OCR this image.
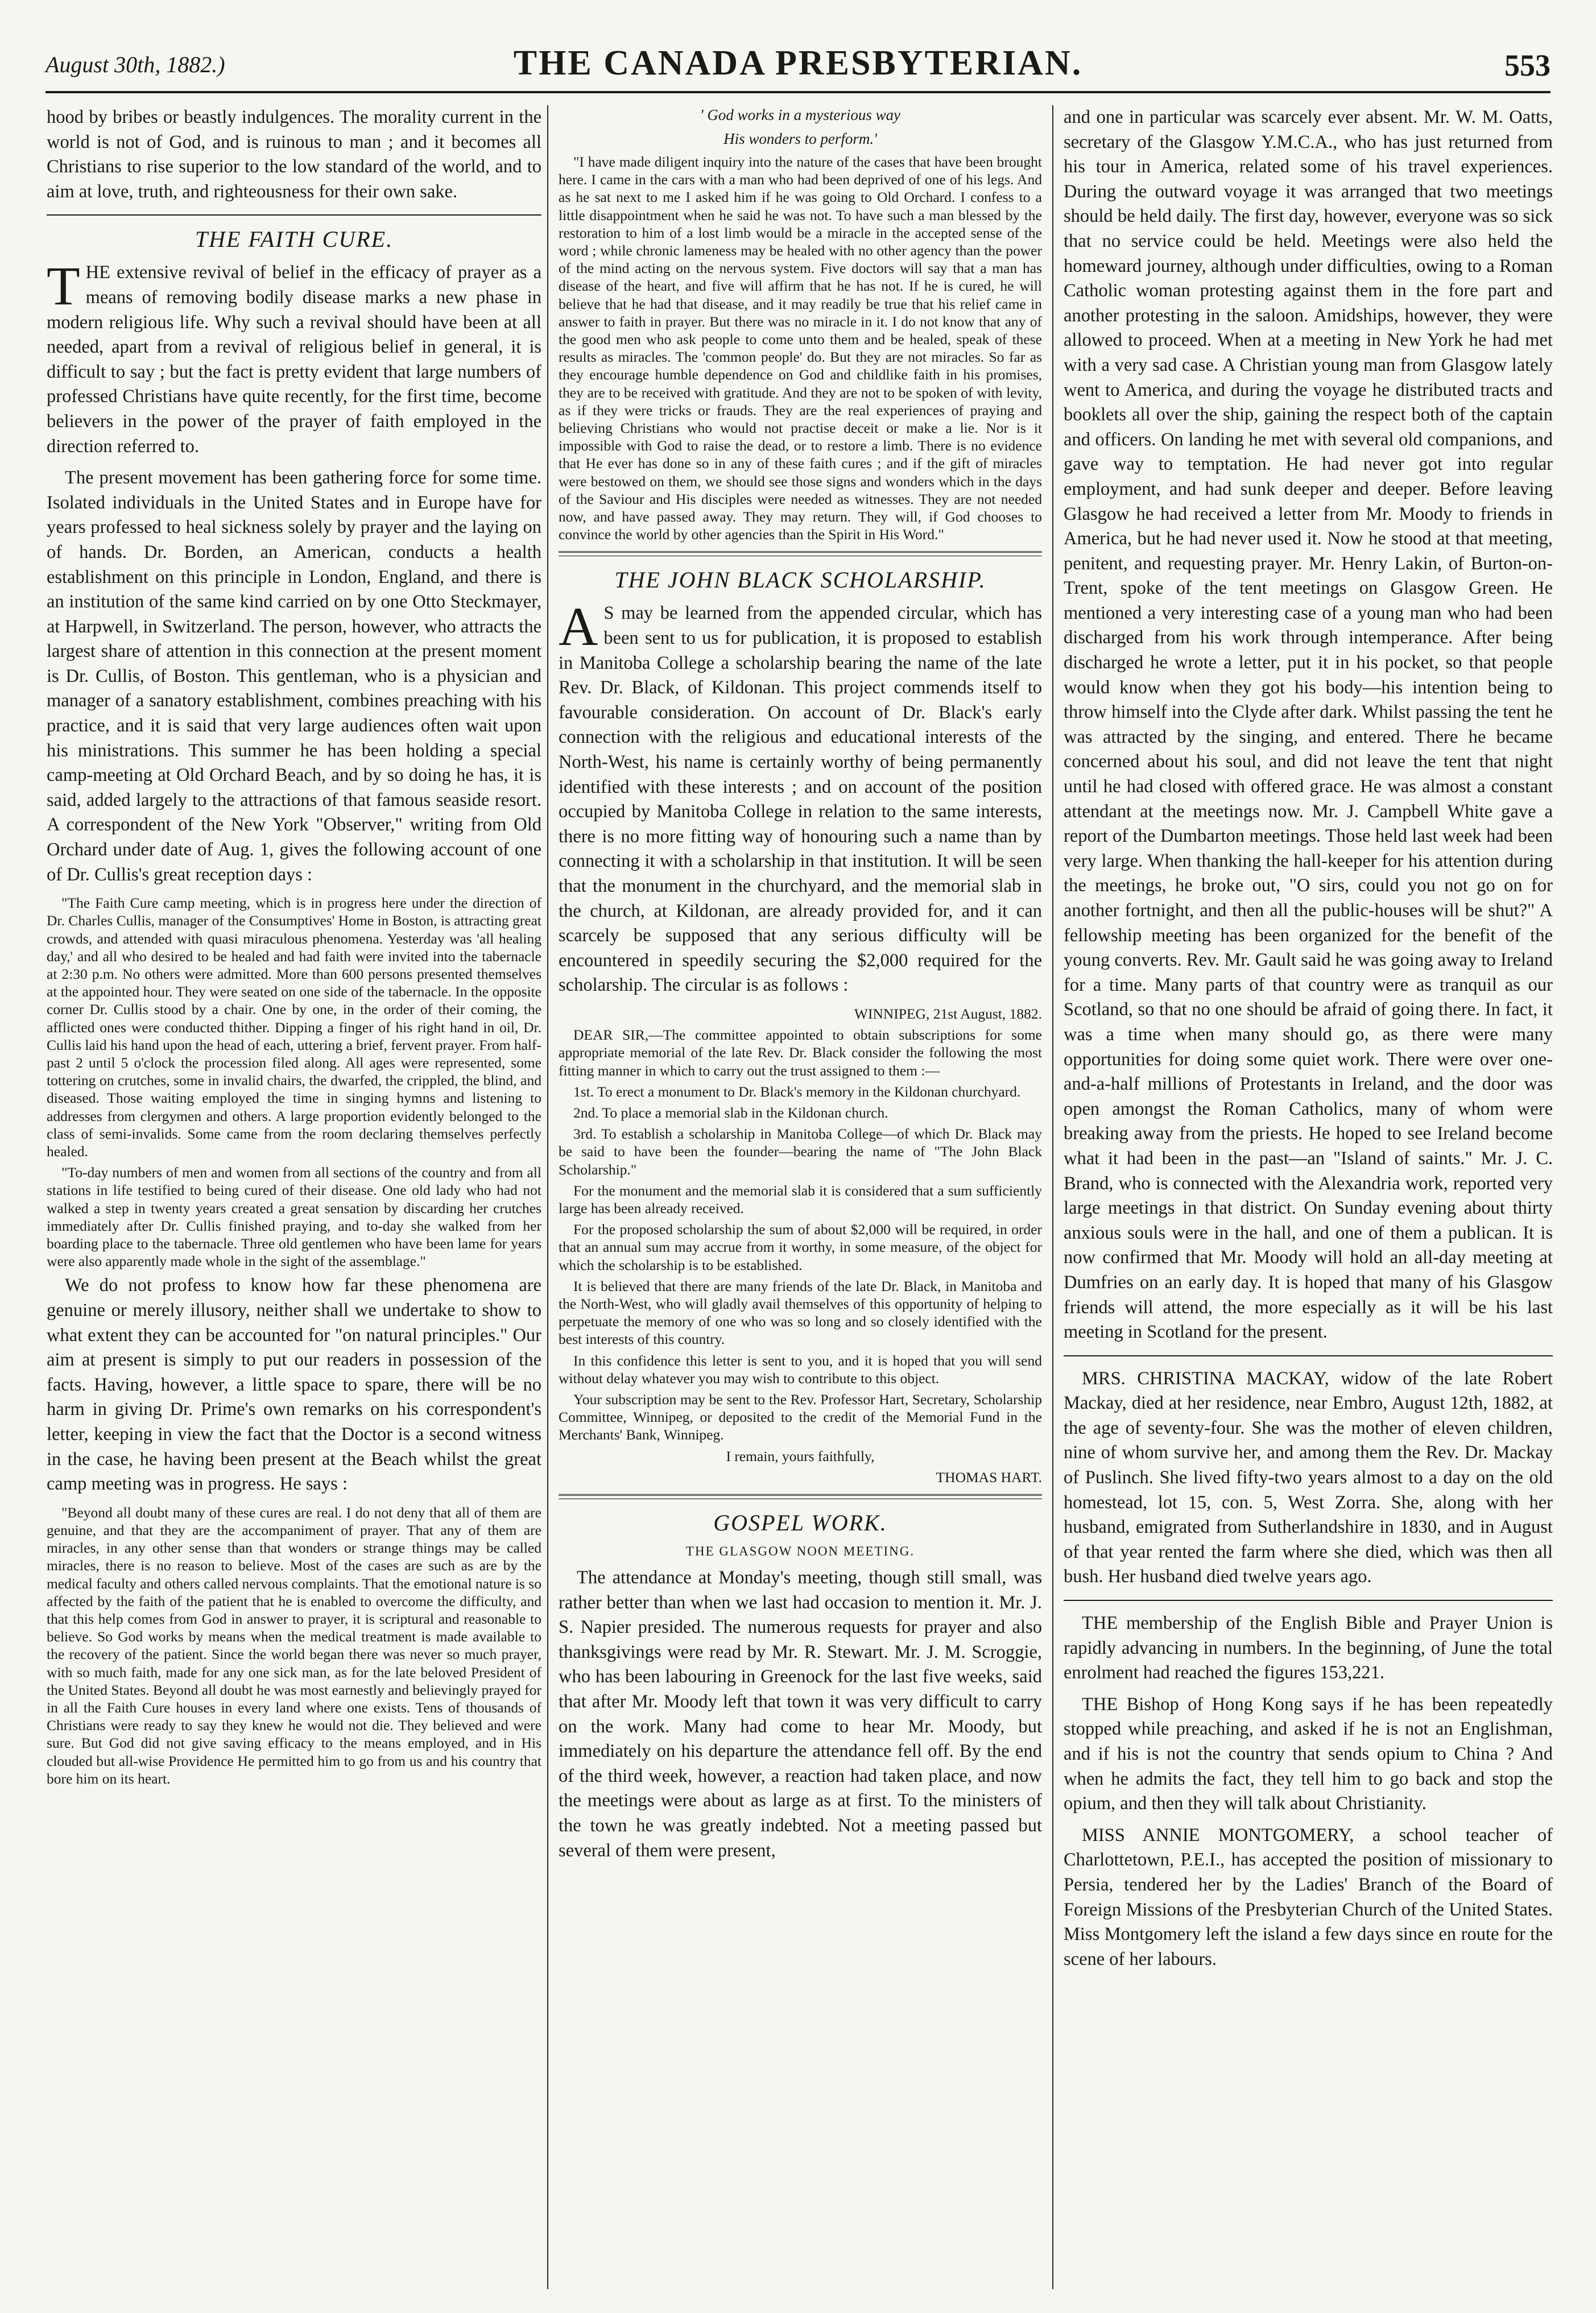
August 30th, 1882.)	THE CANADA PRESBYTERIAN.	553

hood by bribes or beastly indulgences. The morality current in the world is not of God, and is ruinous to man ; and it becomes all Christians to rise superior to the low standard of the world, and to aim at love, truth, and righteousness for their own sake.

THE FAITH CURE.

THE extensive revival of belief in the efficacy of prayer as a means of removing bodily disease marks a new phase in modern religious life. Why such a revival should have been at all needed, apart from a revival of religious belief in general, it is difficult to say ; but the fact is pretty evident that large numbers of professed Christians have quite recently, for the first time, become believers in the power of the prayer of faith employed in the direction referred to.

The present movement has been gathering force for some time. Isolated individuals in the United States and in Europe have for years professed to heal sickness solely by prayer and the laying on of hands. Dr. Borden, an American, conducts a health establishment on this principle in London, England, and there is an institution of the same kind carried on by one Otto Steckmayer, at Harpwell, in Switzerland. The person, however, who attracts the largest share of attention in this connection at the present moment is Dr. Cullis, of Boston. This gentleman, who is a physician and manager of a sanatory establishment, combines preaching with his practice, and it is said that very large audiences often wait upon his ministrations. This summer he has been holding a special camp-meeting at Old Orchard Beach, and by so doing he has, it is said, added largely to the attractions of that famous seaside resort. A correspondent of the New York "Observer," writing from Old Orchard under date of Aug. 1, gives the following account of one of Dr. Cullis's great reception days :

"The Faith Cure camp meeting, which is in progress here under the direction of Dr. Charles Cullis, manager of the Consumptives' Home in Boston, is attracting great crowds, and attended with quasi miraculous phenomena. Yesterday was 'all healing day,' and all who desired to be healed and had faith were invited into the tabernacle at 2:30 p.m. No others were admitted. More than 600 persons presented themselves at the appointed hour. They were seated on one side of the tabernacle. In the opposite corner Dr. Cullis stood by a chair. One by one, in the order of their coming, the afflicted ones were conducted thither. Dipping a finger of his right hand in oil, Dr. Cullis laid his hand upon the head of each, uttering a brief, fervent prayer. From half-past 2 until 5 o'clock the procession filed along. All ages were represented, some tottering on crutches, some in invalid chairs, the dwarfed, the crippled, the blind, and diseased. Those waiting employed the time in singing hymns and listening to addresses from clergymen and others. A large proportion evidently belonged to the class of semi-invalids. Some came from the room declaring themselves perfectly healed.

"To-day numbers of men and women from all sections of the country and from all stations in life testified to being cured of their disease. One old lady who had not walked a step in twenty years created a great sensation by discarding her crutches immediately after Dr. Cullis finished praying, and to-day she walked from her boarding place to the tabernacle. Three old gentlemen who have been lame for years were also apparently made whole in the sight of the assemblage."

We do not profess to know how far these phenomena are genuine or merely illusory, neither shall we undertake to show to what extent they can be accounted for "on natural principles." Our aim at present is simply to put our readers in possession of the facts. Having, however, a little space to spare, there will be no harm in giving Dr. Prime's own remarks on his correspondent's letter, keeping in view the fact that the Doctor is a second witness in the case, he having been present at the Beach whilst the great camp meeting was in progress. He says :

"Beyond all doubt many of these cures are real. I do not deny that all of them are genuine, and that they are the accompaniment of prayer. That any of them are miracles, in any other sense than that wonders or strange things may be called miracles, there is no reason to believe. Most of the cases are such as are by the medical faculty and others called nervous complaints. That the emotional nature is so affected by the faith of the patient that he is enabled to overcome the difficulty, and that this help comes from God in answer to prayer, it is scriptural and reasonable to believe. So God works by means when the medical treatment is made available to the recovery of the patient. Since the world began there was never so much prayer, with so much faith, made for any one sick man, as for the late beloved President of the United States. Beyond all doubt he was most earnestly and believingly prayed for in all the Faith Cure houses in every land where one exists. Tens of thousands of Christians were ready to say they knew he would not die. They believed and were sure. But God did not give saving efficacy to the means employed, and in His clouded but all-wise Providence He permitted him to go from us and his country that bore him on its heart.

' God works in a mysterious way
His wonders to perform.'

"I have made diligent inquiry into the nature of the cases that have been brought here. I came in the cars with a man who had been deprived of one of his legs. And as he sat next to me I asked him if he was going to Old Orchard. I confess to a little disappointment when he said he was not. To have such a man blessed by the restoration to him of a lost limb would be a miracle in the accepted sense of the word ; while chronic lameness may be healed with no other agency than the power of the mind acting on the nervous system. Five doctors will say that a man has disease of the heart, and five will affirm that he has not. If he is cured, he will believe that he had that disease, and it may readily be true that his relief came in answer to faith in prayer. But there was no miracle in it. I do not know that any of the good men who ask people to come unto them and be healed, speak of these results as miracles. The 'common people' do. But they are not miracles. So far as they encourage humble dependence on God and childlike faith in his promises, they are to be received with gratitude. And they are not to be spoken of with levity, as if they were tricks or frauds. They are the real experiences of praying and believing Christians who would not practise deceit or make a lie. Nor is it impossible with God to raise the dead, or to restore a limb. There is no evidence that He ever has done so in any of these faith cures ; and if the gift of miracles were bestowed on them, we should see those signs and wonders which in the days of the Saviour and His disciples were needed as witnesses. They are not needed now, and have passed away. They may return. They will, if God chooses to convince the world by other agencies than the Spirit in His Word."

THE JOHN BLACK SCHOLARSHIP.

AS may be learned from the appended circular, which has been sent to us for publication, it is proposed to establish in Manitoba College a scholarship bearing the name of the late Rev. Dr. Black, of Kildonan. This project commends itself to favourable consideration. On account of Dr. Black's early connection with the religious and educational interests of the North-West, his name is certainly worthy of being permanently identified with these interests ; and on account of the position occupied by Manitoba College in relation to the same interests, there is no more fitting way of honouring such a name than by connecting it with a scholarship in that institution. It will be seen that the monument in the churchyard, and the memorial slab in the church, at Kildonan, are already provided for, and it can scarcely be supposed that any serious difficulty will be encountered in speedily securing the $2,000 required for the scholarship. The circular is as follows :

WINNIPEG, 21st August, 1882.

DEAR SIR,—The committee appointed to obtain subscriptions for some appropriate memorial of the late Rev. Dr. Black consider the following the most fitting manner in which to carry out the trust assigned to them :—

1st. To erect a monument to Dr. Black's memory in the Kildonan churchyard.

2nd. To place a memorial slab in the Kildonan church.

3rd. To establish a scholarship in Manitoba College—of which Dr. Black may be said to have been the founder—bearing the name of "The John Black Scholarship."

For the monument and the memorial slab it is considered that a sum sufficiently large has been already received.

For the proposed scholarship the sum of about $2,000 will be required, in order that an annual sum may accrue from it worthy, in some measure, of the object for which the scholarship is to be established.

It is believed that there are many friends of the late Dr. Black, in Manitoba and the North-West, who will gladly avail themselves of this opportunity of helping to perpetuate the memory of one who was so long and so closely identified with the best interests of this country.

In this confidence this letter is sent to you, and it is hoped that you will send without delay whatever you may wish to contribute to this object.

Your subscription may be sent to the Rev. Professor Hart, Secretary, Scholarship Committee, Winnipeg, or deposited to the credit of the Memorial Fund in the Merchants' Bank, Winnipeg.

I remain, yours faithfully,

THOMAS HART.

GOSPEL WORK.
THE GLASGOW NOON MEETING.

The attendance at Monday's meeting, though still small, was rather better than when we last had occasion to mention it. Mr. J. S. Napier presided. The numerous requests for prayer and also thanksgivings were read by Mr. R. Stewart. Mr. J. M. Scroggie, who has been labouring in Greenock for the last five weeks, said that after Mr. Moody left that town it was very difficult to carry on the work. Many had come to hear Mr. Moody, but immediately on his departure the attendance fell off. By the end of the third week, however, a reaction had taken place, and now the meetings were about as large as at first. To the ministers of the town he was greatly indebted. Not a meeting passed but several of them were present,

and one in particular was scarcely ever absent. Mr. W. M. Oatts, secretary of the Glasgow Y.M.C.A., who has just returned from his tour in America, related some of his travel experiences. During the outward voyage it was arranged that two meetings should be held daily. The first day, however, everyone was so sick that no service could be held. Meetings were also held the homeward journey, although under difficulties, owing to a Roman Catholic woman protesting against them in the fore part and another protesting in the saloon. Amidships, however, they were allowed to proceed. When at a meeting in New York he had met with a very sad case. A Christian young man from Glasgow lately went to America, and during the voyage he distributed tracts and booklets all over the ship, gaining the respect both of the captain and officers. On landing he met with several old companions, and gave way to temptation. He had never got into regular employment, and had sunk deeper and deeper. Before leaving Glasgow he had received a letter from Mr. Moody to friends in America, but he had never used it. Now he stood at that meeting, penitent, and requesting prayer. Mr. Henry Lakin, of Burton-on-Trent, spoke of the tent meetings on Glasgow Green. He mentioned a very interesting case of a young man who had been discharged from his work through intemperance. After being discharged he wrote a letter, put it in his pocket, so that people would know when they got his body—his intention being to throw himself into the Clyde after dark. Whilst passing the tent he was attracted by the singing, and entered. There he became concerned about his soul, and did not leave the tent that night until he had closed with offered grace. He was almost a constant attendant at the meetings now. Mr. J. Campbell White gave a report of the Dumbarton meetings. Those held last week had been very large. When thanking the hall-keeper for his attention during the meetings, he broke out, "O sirs, could you not go on for another fortnight, and then all the public-houses will be shut?" A fellowship meeting has been organized for the benefit of the young converts. Rev. Mr. Gault said he was going away to Ireland for a time. Many parts of that country were as tranquil as our Scotland, so that no one should be afraid of going there. In fact, it was a time when many should go, as there were many opportunities for doing some quiet work. There were over one-and-a-half millions of Protestants in Ireland, and the door was open amongst the Roman Catholics, many of whom were breaking away from the priests. He hoped to see Ireland become what it had been in the past—an "Island of saints." Mr. J. C. Brand, who is connected with the Alexandria work, reported very large meetings in that district. On Sunday evening about thirty anxious souls were in the hall, and one of them a publican. It is now confirmed that Mr. Moody will hold an all-day meeting at Dumfries on an early day. It is hoped that many of his Glasgow friends will attend, the more especially as it will be his last meeting in Scotland for the present.

MRS. CHRISTINA MACKAY, widow of the late Robert Mackay, died at her residence, near Embro, August 12th, 1882, at the age of seventy-four. She was the mother of eleven children, nine of whom survive her, and among them the Rev. Dr. Mackay of Puslinch. She lived fifty-two years almost to a day on the old homestead, lot 15, con. 5, West Zorra. She, along with her husband, emigrated from Sutherlandshire in 1830, and in August of that year rented the farm where she died, which was then all bush. Her husband died twelve years ago.

THE membership of the English Bible and Prayer Union is rapidly advancing in numbers. In the beginning, of June the total enrolment had reached the figures 153,221.

THE Bishop of Hong Kong says if he has been repeatedly stopped while preaching, and asked if he is not an Englishman, and if his is not the country that sends opium to China ? And when he admits the fact, they tell him to go back and stop the opium, and then they will talk about Christianity.

MISS ANNIE MONTGOMERY, a school teacher of Charlottetown, P.E.I., has accepted the position of missionary to Persia, tendered her by the Ladies' Branch of the Board of Foreign Missions of the Presbyterian Church of the United States. Miss Montgomery left the island a few days since en route for the scene of her labours.
